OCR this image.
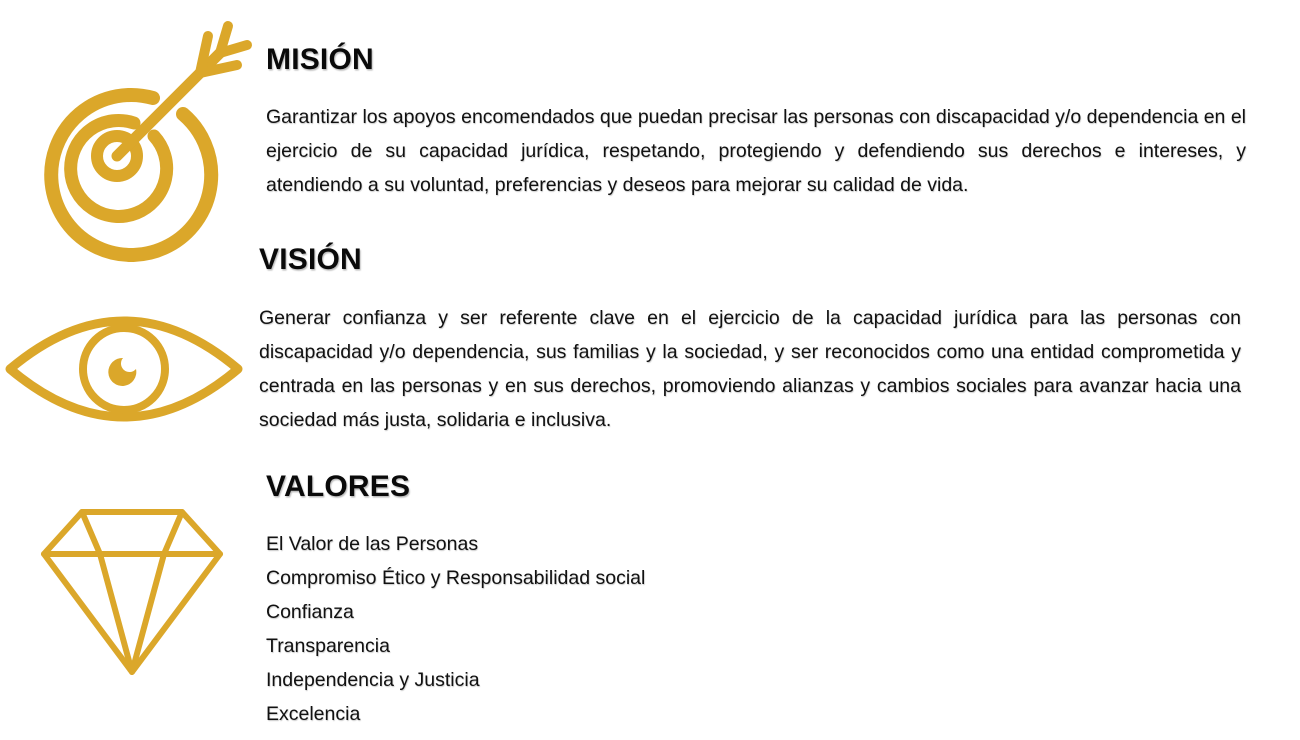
MISIÓN

Garantizar los apoyos encomendados que puedan precisar las personas con discapacidad y/o dependencia en el ejercicio de su capacidad jurídica, respetando, protegiendo y defendiendo sus derechos e intereses, y atendiendo a su voluntad, preferencias y deseos para mejorar su calidad de vida.

VISIÓN

Generar confianza y ser referente clave en el ejercicio de la capacidad jurídica para las personas con discapacidad y/o dependencia, sus familias y la sociedad, y ser reconocidos como una entidad comprometida y centrada en las personas y en sus derechos, promoviendo alianzas y cambios sociales para avanzar hacia una sociedad más justa, solidaria e inclusiva.

VALORES
El Valor de las Personas
Compromiso Ético y Responsabilidad social
Confianza
Transparencia
Independencia y Justicia
Excelencia
